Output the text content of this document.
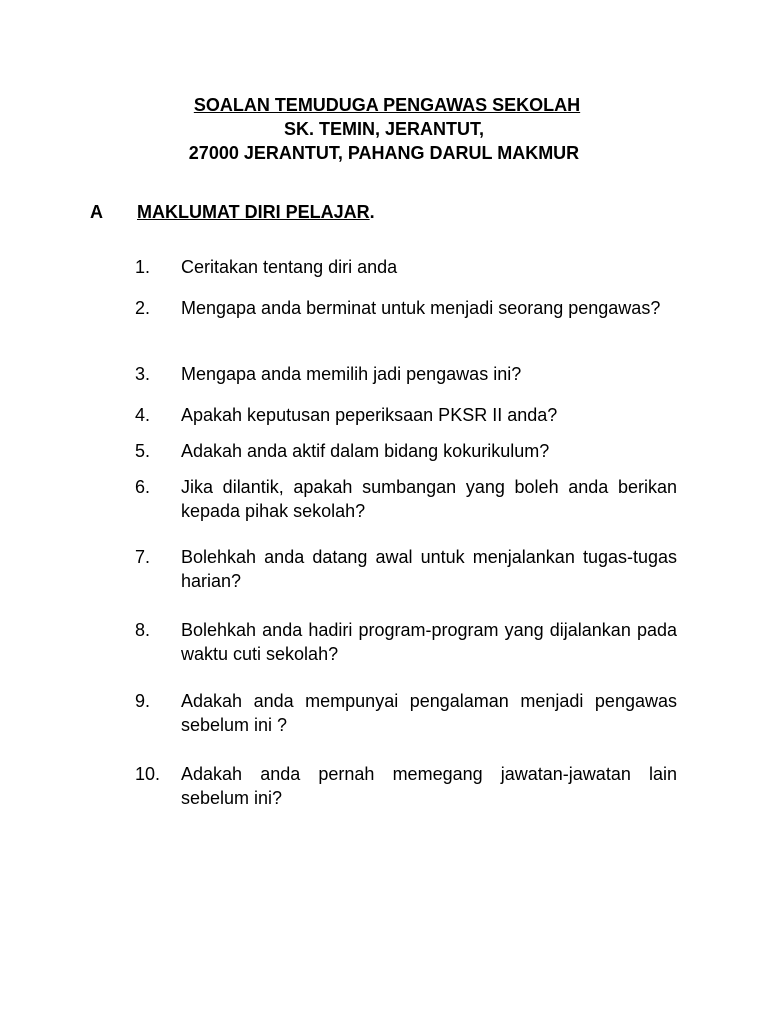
SOALAN TEMUDUGA PENGAWAS SEKOLAH
SK. TEMIN, JERANTUT,
27000 JERANTUT, PAHANG DARUL MAKMUR
A MAKLUMAT DIRI PELAJAR.
1. Ceritakan tentang diri anda
2. Mengapa anda berminat untuk menjadi seorang pengawas?
3. Mengapa anda memilih jadi pengawas ini?
4. Apakah keputusan peperiksaan PKSR II anda?
5. Adakah anda aktif dalam bidang kokurikulum?
6. Jika dilantik, apakah sumbangan yang boleh anda berikan kepada pihak sekolah?
7. Bolehkah anda datang awal untuk menjalankan tugas-tugas harian?
8. Bolehkah anda hadiri program-program yang dijalankan pada waktu cuti sekolah?
9. Adakah anda mempunyai pengalaman menjadi pengawas sebelum ini ?
10. Adakah anda pernah memegang jawatan-jawatan lain sebelum ini?
